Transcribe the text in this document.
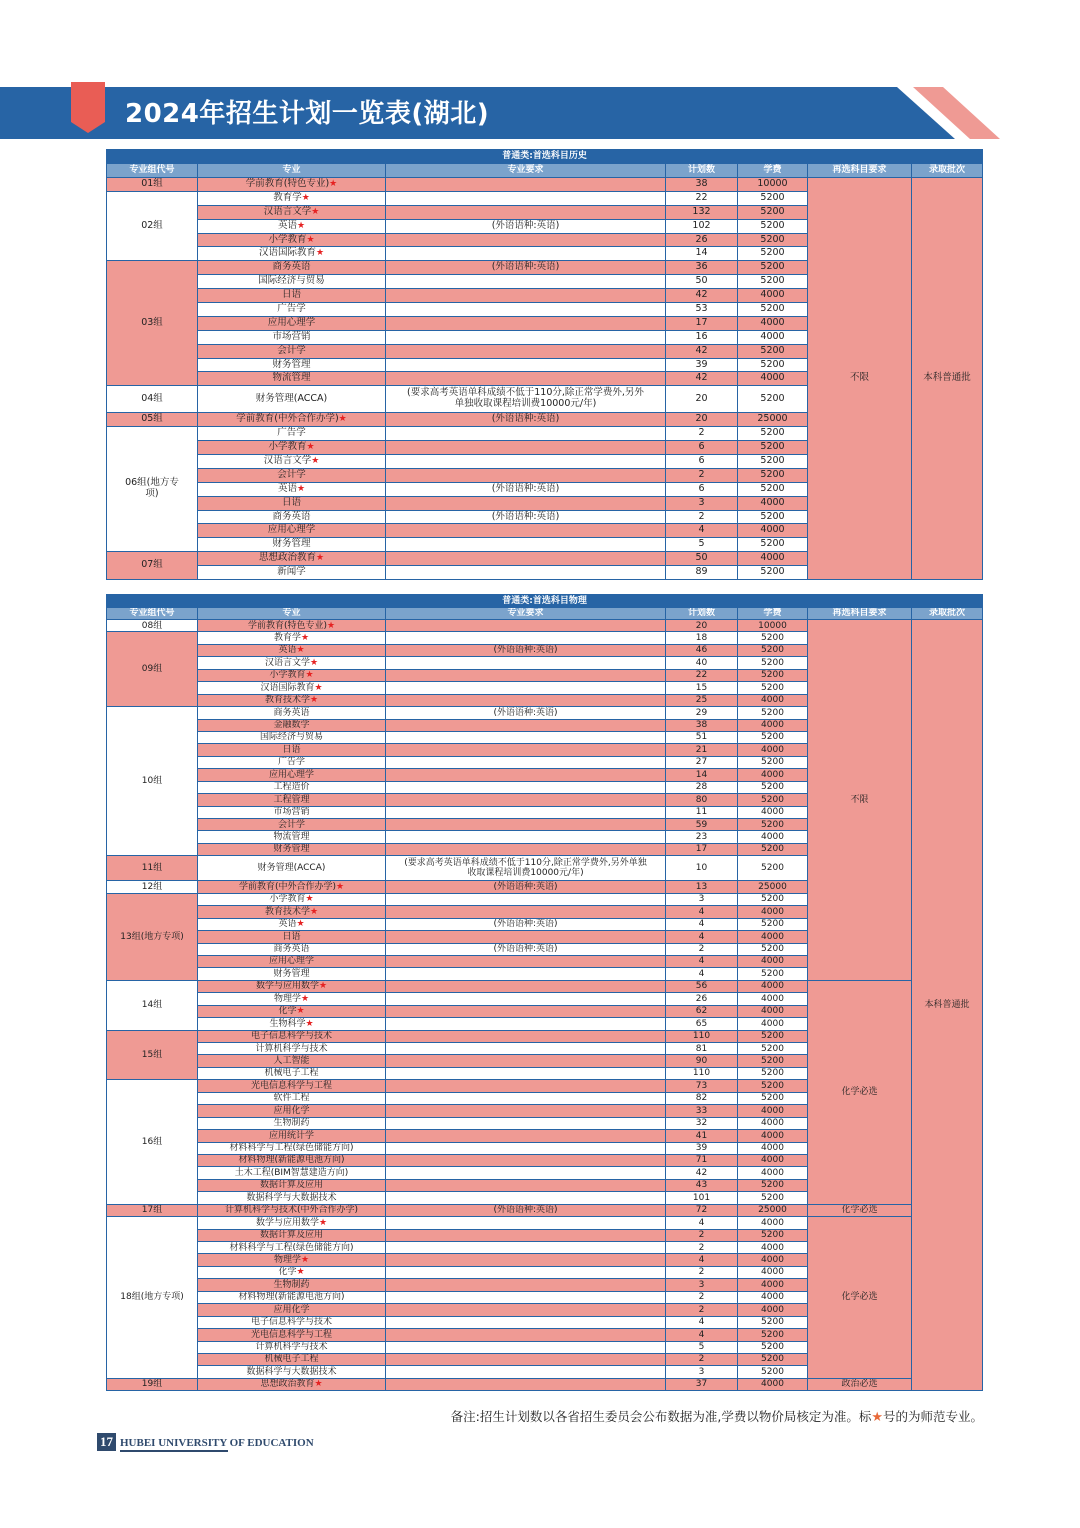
2024年招生计划一览表(湖北)
普通类:首选科目历史							
专业组代号	专业	专业要求	计划数	学费	再选科目要求	录取批次	
01组	学前教育(特色专业)★		38	10000	不限	本科普通批	
02组	教育学★		22	5200			
	汉语言文学★		132	5200			
	英语★	(外语语种:英语)	102	5200			
	小学教育★		26	5200			
	汉语国际教育★		14	5200			
03组	商务英语	(外语语种:英语)	36	5200			
	国际经济与贸易		50	5200			
	日语		42	4000			
	广告学		53	5200			
	应用心理学		17	4000			
	市场营销		16	4000			
	会计学		42	5200			
	财务管理		39	5200			
	物流管理		42	4000			
04组	财务管理(ACCA)	(要求高考英语单科成绩不低于110分,除正常学费外,另外单独收取课程培训费10000元/年)	20	5200			
05组	学前教育(中外合作办学)★	(外语语种:英语)	20	25000			
06组(地方专项)	广告学		2	5200			
	小学教育★		6	5200			
	汉语言文学★		6	5200			
	会计学		2	5200			
	英语★	(外语语种:英语)	6	5200			
	日语		3	4000			
	商务英语	(外语语种:英语)	2	5200			
	应用心理学		4	4000			
	财务管理		5	5200			
07组	思想政治教育★		50	4000	
	新闻学		89	5200			
普通类:首选科目物理						
专业组代号	专业	专业要求	计划数	学费	再选科目要求	录取批次
08组	学前教育(特色专业)★		20	10000	不限	本科普通批
09组	教育学★		18	5200		
	英语★	(外语语种:英语)	46	5200		
	汉语言文学★		40	5200		
	小学教育★		22	5200		
	汉语国际教育★		15	5200		
	教育技术学★		25	4000		
10组	商务英语	(外语语种:英语)	29	5200		
	金融数学		38	4000		
	国际经济与贸易		51	5200		
	日语		21	4000		
	广告学		27	5200		
	应用心理学		14	4000		
	工程造价		28	5200		
	工程管理		80	5200		
	市场营销		11	4000		
	会计学		59	5200		
	物流管理		23	4000		
	财务管理		17	5200		
11组	财务管理(ACCA)	(要求高考英语单科成绩不低于110分,除正常学费外,另外单独收取课程培训费10000元/年)	10	5200		
12组	学前教育(中外合作办学)★	(外语语种:英语)	13	25000		
13组(地方专项)	小学教育★		3	5200		
	教育技术学★		4	4000		
	英语★	(外语语种:英语)	4	5200		
	日语		4	4000		
	商务英语	(外语语种:英语)	2	5200		
	应用心理学		4	4000		
	财务管理		4	5200		
14组	数学与应用数学★		56	4000	化学必选	
	物理学★		26	4000		
	化学★		62	4000		
	生物科学★		65	4000		
15组	电子信息科学与技术		110	5200		
	计算机科学与技术		81	5200		
	人工智能		90	5200		
	机械电子工程		110	5200		
16组	光电信息科学与工程		73	5200		
	软件工程		82	5200		
	应用化学		33	4000		
	生物制药		32	4000		
	应用统计学		41	4000		
	材料科学与工程(绿色储能方向)		39	4000		
	材料物理(新能源电池方向)		71	4000		
	土木工程(BIM智慧建造方向)		42	4000		
	数据计算及应用		43	5200		
	数据科学与大数据技术		101	5200		
17组	计算机科学与技术(中外合作办学)	(外语语种:英语)	72	25000	化学必选	
18组(地方专项)	数学与应用数学★		4	4000	化学必选	
	数据计算及应用		2	5200		
	材料科学与工程(绿色储能方向)		2	4000		
	物理学★		4	4000		
	化学★		2	4000		
	生物制药		3	4000		
	材料物理(新能源电池方向)		2	4000		
	应用化学		2	4000		
	电子信息科学与技术		4	5200		
	光电信息科学与工程		4	5200		
	计算机科学与技术		5	5200		
	机械电子工程		2	5200		
	数据科学与大数据技术		3	5200		
19组	思想政治教育★		37	4000	政治必选	
备注:招生计划数以各省招生委员会公布数据为准,学费以物价局核定为准。标★号的为师范专业。
17 HUBEI UNIVERSITY OF EDUCATION
